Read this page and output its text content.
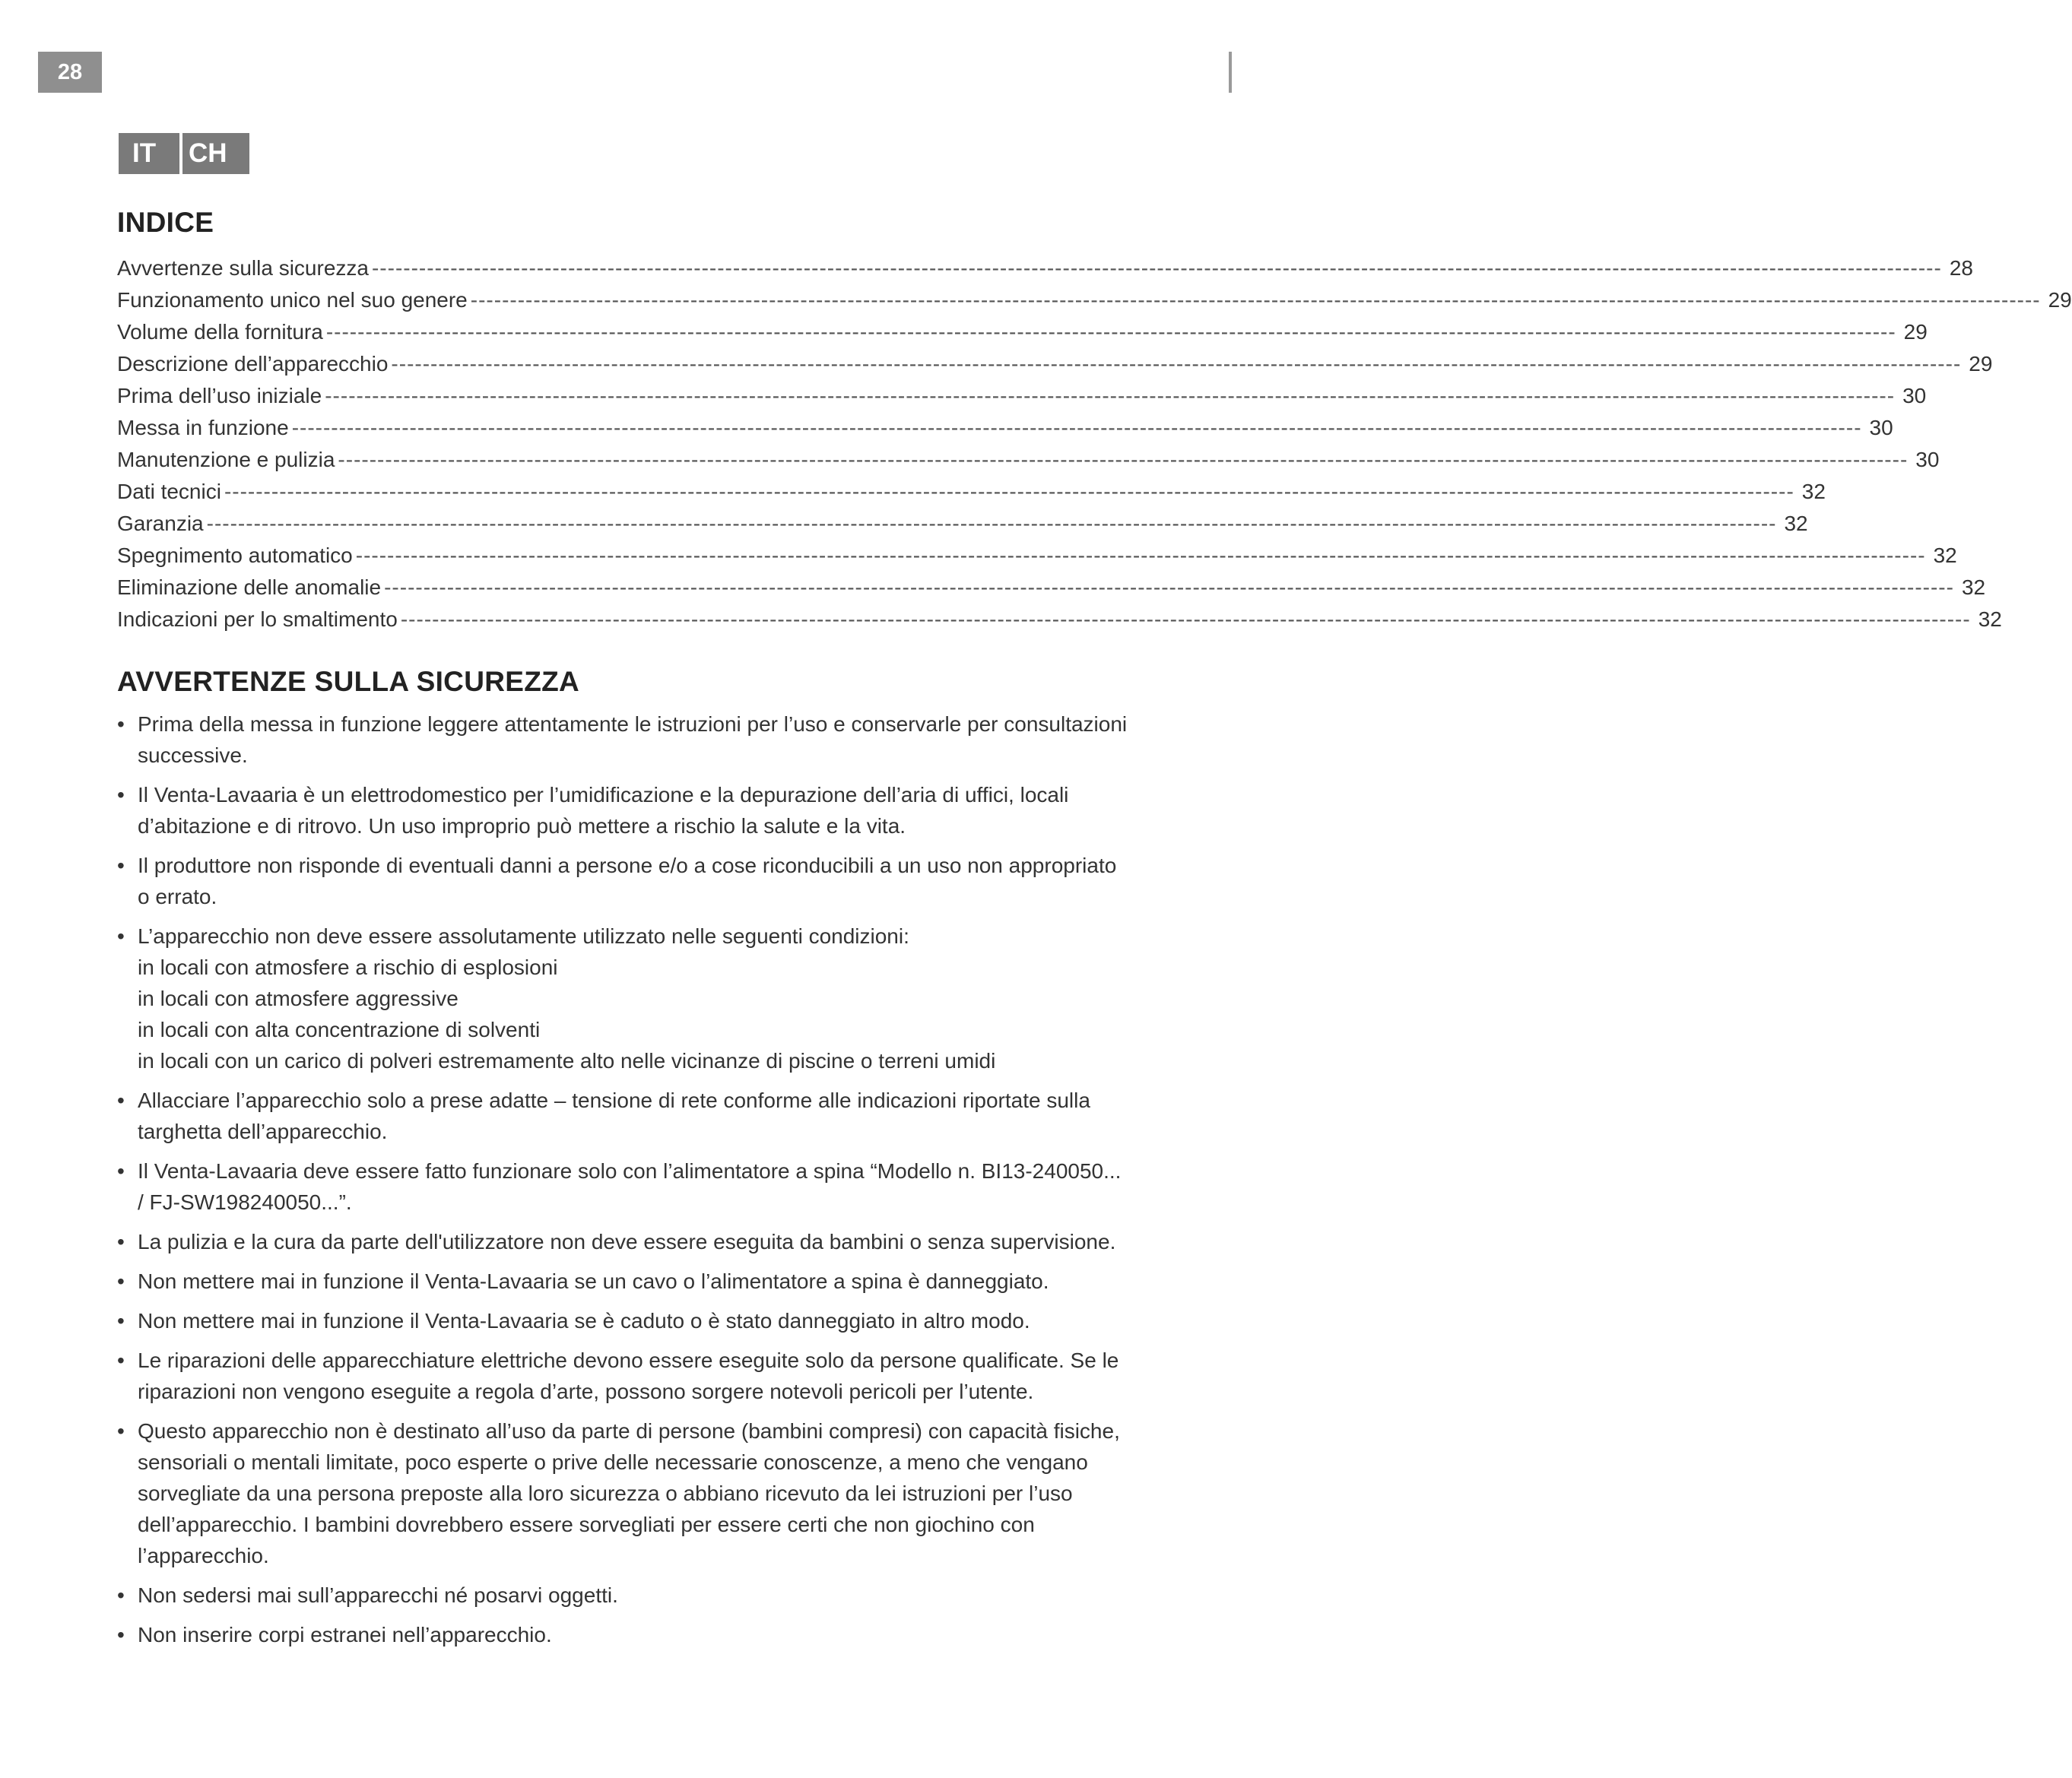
28
IT	CH
INDICE
Avvertenze sulla sicurezza -------------------------------------------------------------------------------------------------------------------------------------------------------------------------------------------------------- 28
Funzionamento unico nel suo genere -------------------------------------------------------------------------------------------------------------------------------------------------------------------------------------------------------- 29
Volume della fornitura -------------------------------------------------------------------------------------------------------------------------------------------------------------------------------------------------------- 29
Descrizione dell’apparecchio -------------------------------------------------------------------------------------------------------------------------------------------------------------------------------------------------------- 29
Prima dell’uso iniziale -------------------------------------------------------------------------------------------------------------------------------------------------------------------------------------------------------- 30
Messa in funzione -------------------------------------------------------------------------------------------------------------------------------------------------------------------------------------------------------- 30
Manutenzione e pulizia -------------------------------------------------------------------------------------------------------------------------------------------------------------------------------------------------------- 30
Dati tecnici -------------------------------------------------------------------------------------------------------------------------------------------------------------------------------------------------------- 32
Garanzia -------------------------------------------------------------------------------------------------------------------------------------------------------------------------------------------------------- 32
Spegnimento automatico -------------------------------------------------------------------------------------------------------------------------------------------------------------------------------------------------------- 32
Eliminazione delle anomalie -------------------------------------------------------------------------------------------------------------------------------------------------------------------------------------------------------- 32
Indicazioni per lo smaltimento -------------------------------------------------------------------------------------------------------------------------------------------------------------------------------------------------------- 32
AVVERTENZE SULLA SICUREZZA
• Prima della messa in funzione leggere attentamente le istruzioni per l’uso e conservarle per consultazioni successive.
• Il Venta-Lavaaria è un elettrodomestico per l’umidificazione e la depurazione dell’aria di uffici, locali d’abitazione e di ritrovo. Un uso improprio può mettere a rischio la salute e la vita.
• Il produttore non risponde di eventuali danni a persone e/o a cose riconducibili a un uso non appropriato o errato.
• L’apparecchio non deve essere assolutamente utilizzato nelle seguenti condizioni:
in locali con atmosfere a rischio di esplosioni
in locali con atmosfere aggressive
in locali con alta concentrazione di solventi
in locali con un carico di polveri estremamente alto nelle vicinanze di piscine o terreni umidi
• Allacciare l’apparecchio solo a prese adatte – tensione di rete conforme alle indicazioni riportate sulla targhetta dell’apparecchio.
• Il Venta-Lavaaria deve essere fatto funzionare solo con l’alimentatore a spina “Modello n. BI13-240050... / FJ-SW198240050...”.
• La pulizia e la cura da parte dell'utilizzatore non deve essere eseguita da bambini o senza supervisione.
• Non mettere mai in funzione il Venta-Lavaaria se un cavo o l’alimentatore a spina è danneggiato.
• Non mettere mai in funzione il Venta-Lavaaria se è caduto o è stato danneggiato in altro modo.
• Le riparazioni delle apparecchiature elettriche devono essere eseguite solo da persone qualificate. Se le riparazioni non vengono eseguite a regola d’arte, possono sorgere notevoli pericoli per l’utente.
• Questo apparecchio non è destinato all’uso da parte di persone (bambini compresi) con capacità fisiche, sensoriali o mentali limitate, poco esperte o prive delle necessarie conoscenze, a meno che vengano sorvegliate da una persona preposte alla loro sicurezza o abbiano ricevuto da lei istruzioni per l’uso dell’apparecchio. I bambini dovrebbero essere sorvegliati per essere certi che non giochino con l’apparecchio.
• Non sedersi mai sull’apparecchi né posarvi oggetti.
• Non inserire corpi estranei nell’apparecchio.
